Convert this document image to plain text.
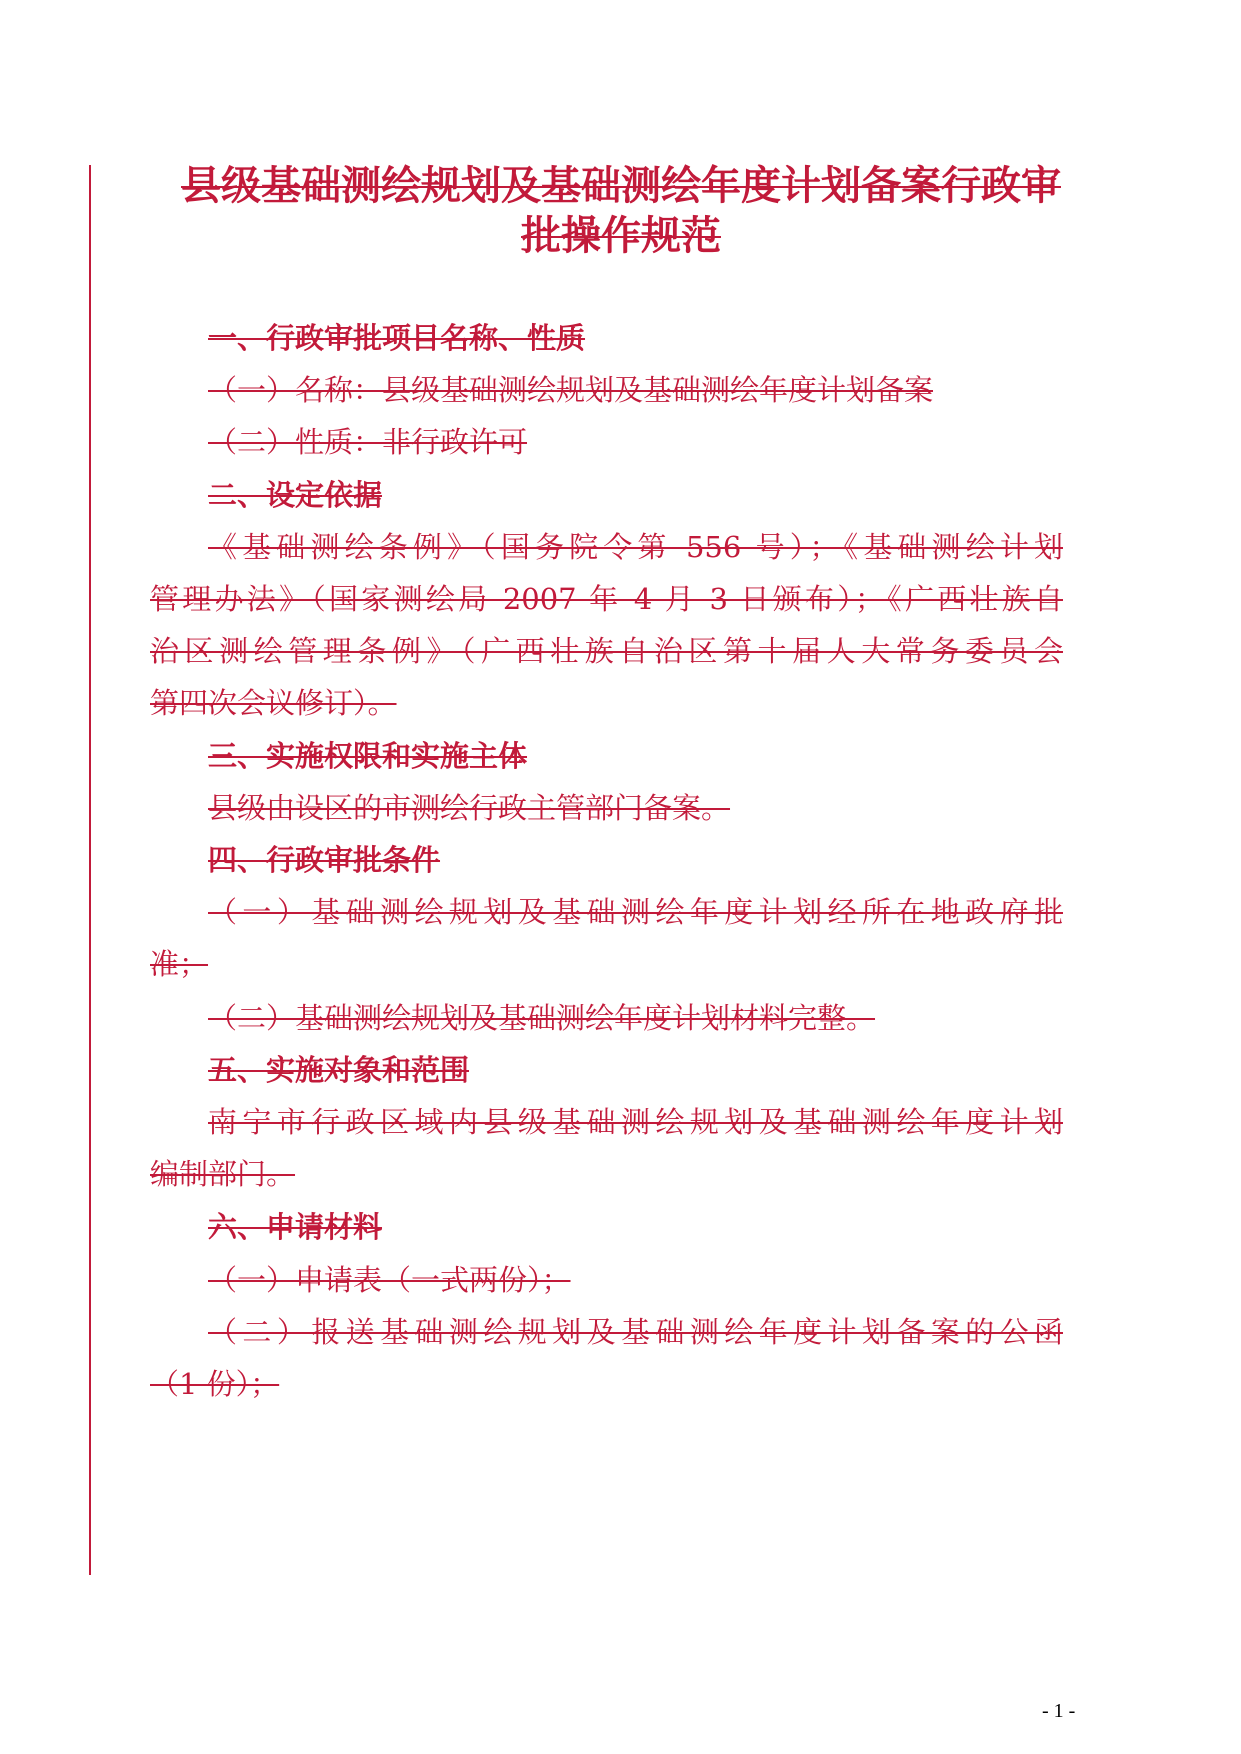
县级基础测绘规划及基础测绘年度计划备案行政审
批操作规范

一、行政审批项目名称、性质

（一）名称：县级基础测绘规划及基础测绘年度计划备案

（二）性质：非行政许可

二、设定依据

《基础测绘条例》（国务院令第 556 号）；《基础测绘计划

管理办法》（国家测绘局 2007 年 4 月 3 日颁布）；《广西壮族自

治区测绘管理条例》（广西壮族自治区第十届人大常务委员会

第四次会议修订）。

三、实施权限和实施主体

县级由设区的市测绘行政主管部门备案。

四、行政审批条件

（一）基础测绘规划及基础测绘年度计划经所在地政府批

准；

（二）基础测绘规划及基础测绘年度计划材料完整。

五、实施对象和范围

南宁市行政区域内县级基础测绘规划及基础测绘年度计划

编制部门。

六、申请材料

（一）申请表（一式两份）；

（二）报送基础测绘规划及基础测绘年度计划备案的公函

（1 份）；

- 1 -
